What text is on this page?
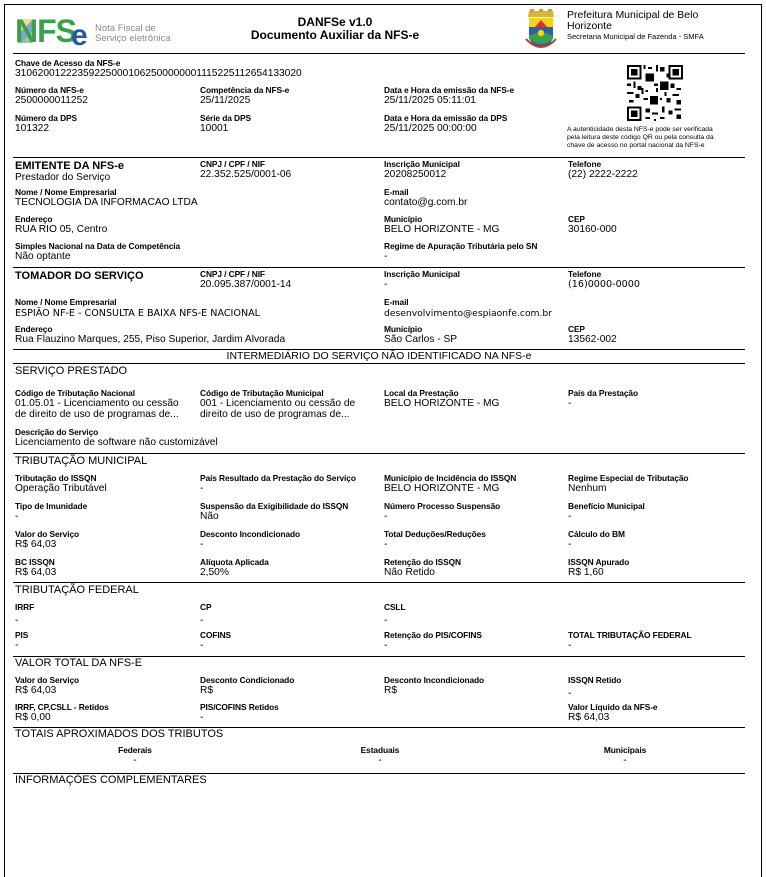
NFS
e Nota Fiscal de
Serviço eletrônica
DANFSe v1.0
Documento Auxiliar da NFS-e
Prefeitura Municipal de Belo
Horizonte
Secretaria Municipal de Fazenda - SMFA
Chave de Acesso da NFS-e
310620012223592250001062500000001115225112654133020
Número da NFS-e
2500000011252
Competência da NFS-e
25/11/2025
Data e Hora da emissão da NFS-e
25/11/2025 05:11:01
Número da DPS
101322
Série da DPS
10001
Data e Hora da emissão da DPS
25/11/2025 00:00:00	A autenticidade desta NFS-e pode ser verificada
pela leitura deste código QR ou pela consulta da
chave de acesso no portal nacional da NFS-e
EMITENTE DA NFS-e
Prestador do Serviço
CNPJ / CPF / NIF
22.352.525/0001-06
Inscrição Municipal
20208250012
Telefone
(22) 2222-2222
Nome / Nome Empresarial
TECNOLOGIA DA INFORMACAO LTDA
E-mail
contato@g.com.br
Endereço
RUA RIO 05, Centro
Município
BELO HORIZONTE - MG
CEP
30160-000
Simples Nacional na Data de Competência
Não optante
Regime de Apuração Tributária pelo SN
-
TOMADOR DO SERVIÇO	CNPJ / CPF / NIF
20.095.387/0001-14
Inscrição Municipal
-
Telefone
(16)0000-0000
Nome / Nome Empresarial
ESPIÃO NF-E - CONSULTA E BAIXA NFS-E NACIONAL
E-mail
desenvolvimento@espiaonfe.com.br
Endereço
Rua Flauzino Marques, 255, Piso Superior, Jardim Alvorada
Município
São Carlos - SP
CEP
13562-002
INTERMEDIÁRIO DO SERVIÇO NÃO IDENTIFICADO NA NFS-e
SERVIÇO PRESTADO
Código de Tributação Nacional
01.05.01 - Licenciamento ou cessão
de direito de uso de programas de...
Código de Tributação Municipal
001 - Licenciamento ou cessão de
direito de uso de programas de...
Local da Prestação
BELO HORIZONTE - MG
País da Prestação
-
Descrição do Serviço
Licenciamento de software não customizável
TRIBUTAÇÃO MUNICIPAL
Tributação do ISSQN
Operação Tributável
País Resultado da Prestação do Serviço
-
Município de Incidência do ISSQN
BELO HORIZONTE - MG
Regime Especial de Tributação
Nenhum
Tipo de Imunidade
-
Suspensão da Exigibilidade do ISSQN
Não
Número Processo Suspensão
-
Benefício Municipal
-
Valor do Serviço
R$ 64,03
Desconto Incondicionado
-
Total Deduções/Reduções
-
Cálculo do BM
-
BC ISSQN
R$ 64,03
Alíquota Aplicada
2,50%
Retenção do ISSQN
Não Retido
ISSQN Apurado
R$ 1,60
TRIBUTAÇÃO FEDERAL
IRRF
-
CP
-
CSLL
-
PIS
-
COFINS
-
Retenção do PIS/COFINS
-
TOTAL TRIBUTAÇÃO FEDERAL
-
VALOR TOTAL DA NFS-E
Valor do Serviço
R$ 64,03
Desconto Condicionado
R$
Desconto Incondicionado
R$
ISSQN Retido
-
IRRF, CP,CSLL - Retidos
R$ 0,00
PIS/COFINS Retidos
-
Valor Líquido da NFS-e
R$ 64,03
TOTAIS APROXIMADOS DOS TRIBUTOS
Federais
-
Estaduais
-
Municipais
-
INFORMAÇÕES COMPLEMENTARES
